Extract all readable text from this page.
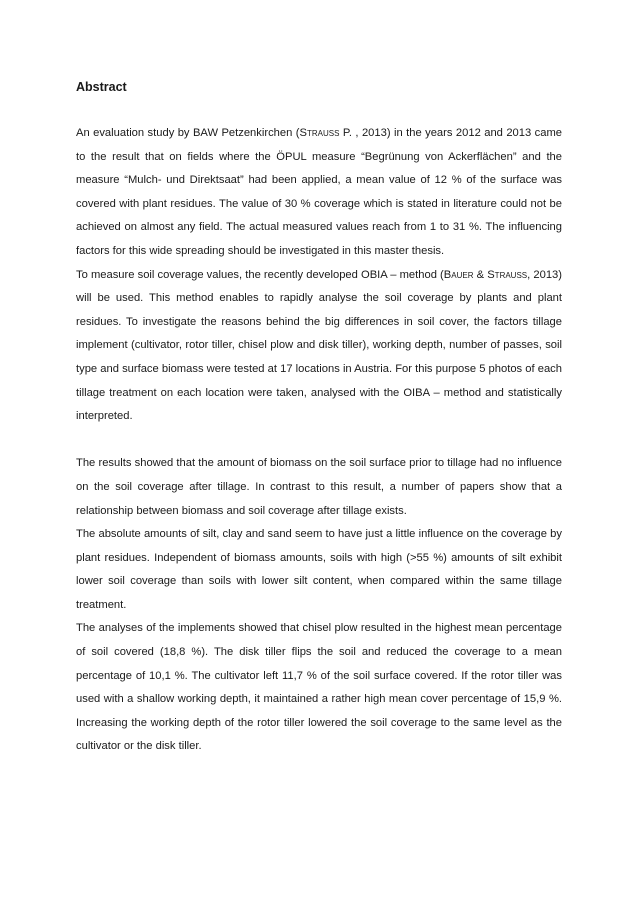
Abstract

An evaluation study by BAW Petzenkirchen (Strauss P. , 2013) in the years 2012 and 2013 came to the result that on fields where the ÖPUL measure “Begrünung von Ackerflächen” and the measure “Mulch- und Direktsaat” had been applied, a mean value of 12 % of the surface was covered with plant residues. The value of 30 % coverage which is stated in literature could not be achieved on almost any field. The actual measured values reach from 1 to 31 %. The influencing factors for this wide spreading should be investigated in this master thesis.

To measure soil coverage values, the recently developed OBIA – method (Bauer & Strauss, 2013) will be used. This method enables to rapidly analyse the soil coverage by plants and plant residues. To investigate the reasons behind the big differences in soil cover, the factors tillage implement (cultivator, rotor tiller, chisel plow and disk tiller), working depth, number of passes, soil type and surface biomass were tested at 17 locations in Austria. For this purpose 5 photos of each tillage treatment on each location were taken, analysed with the OIBA – method and statistically interpreted.

The results showed that the amount of biomass on the soil surface prior to tillage had no influence on the soil coverage after tillage. In contrast to this result, a number of papers show that a relationship between biomass and soil coverage after tillage exists.

The absolute amounts of silt, clay and sand seem to have just a little influence on the coverage by plant residues. Independent of biomass amounts, soils with high (>55 %) amounts of silt exhibit lower soil coverage than soils with lower silt content, when compared within the same tillage treatment.

The analyses of the implements showed that chisel plow resulted in the highest mean percentage of soil covered (18,8 %). The disk tiller flips the soil and reduced the coverage to a mean percentage of 10,1 %. The cultivator left 11,7 % of the soil surface covered. If the rotor tiller was used with a shallow working depth, it maintained a rather high mean cover percentage of 15,9 %. Increasing the working depth of the rotor tiller lowered the soil coverage to the same level as the cultivator or the disk tiller.
